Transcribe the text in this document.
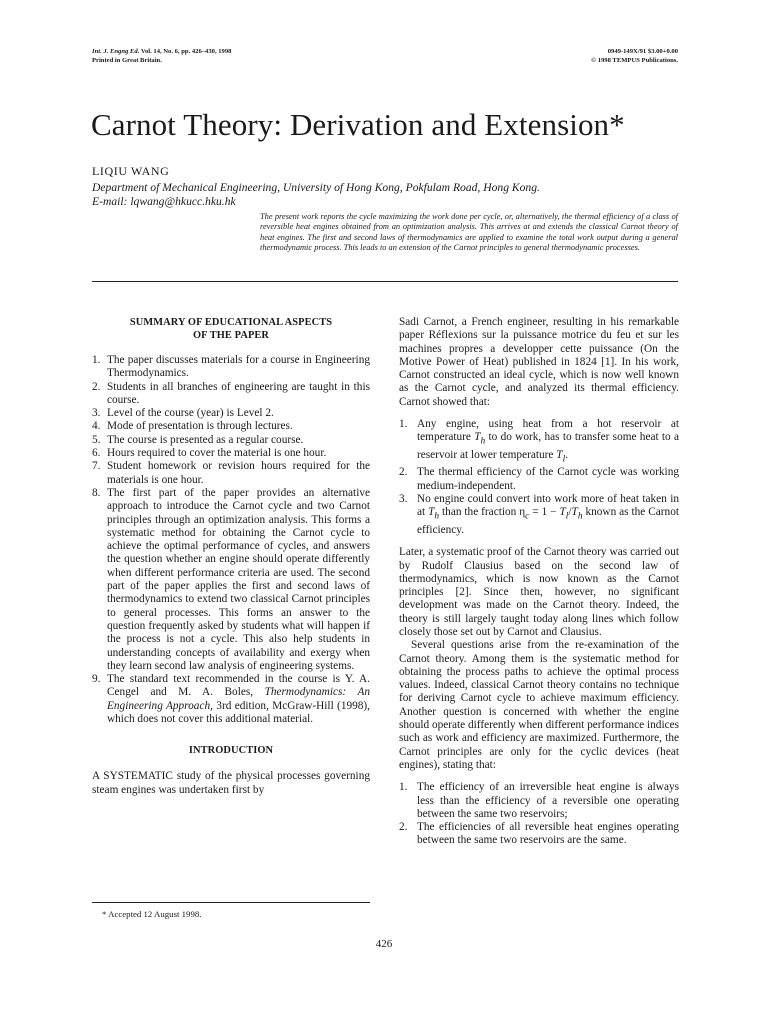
Int. J. Engng Ed. Vol. 14, No. 6, pp. 426–430, 1998
Printed in Great Britain.
0949-149X/91 $3.00+0.00
© 1998 TEMPUS Publications.
Carnot Theory: Derivation and Extension*
LIQIU WANG
Department of Mechanical Engineering, University of Hong Kong, Pokfulam Road, Hong Kong.
E-mail: lqwang@hkucc.hku.hk

The present work reports the cycle maximizing the work done per cycle, or, alternatively, the thermal efficiency of a class of reversible heat engines obtained from an optimization analysis. This arrives at and extends the classical Carnot theory of heat engines. The first and second laws of thermodynamics are applied to examine the total work output during a general thermodynamic process. This leads to an extension of the Carnot principles to general thermodynamic processes.

SUMMARY OF EDUCATIONAL ASPECTS OF THE PAPER
1. The paper discusses materials for a course in Engineering Thermodynamics.
2. Students in all branches of engineering are taught in this course.
3. Level of the course (year) is Level 2.
4. Mode of presentation is through lectures.
5. The course is presented as a regular course.
6. Hours required to cover the material is one hour.
7. Student homework or revision hours required for the materials is one hour.
8. The first part of the paper provides an alternative approach to introduce the Carnot cycle and two Carnot principles through an optimization analysis. This forms a systematic method for obtaining the Carnot cycle to achieve the optimal performance of cycles, and answers the question whether an engine should operate differently when different performance criteria are used. The second part of the paper applies the first and second laws of thermodynamics to extend two classical Carnot principles to general processes. This forms an answer to the question frequently asked by students what will happen if the process is not a cycle. This also help students in understanding concepts of availability and exergy when they learn second law analysis of engineering systems.
9. The standard text recommended in the course is Y. A. Cengel and M. A. Boles, Thermodynamics: An Engineering Approach, 3rd edition, McGraw-Hill (1998), which does not cover this additional material.
INTRODUCTION

A SYSTEMATIC study of the physical processes governing steam engines was undertaken first by

* Accepted 12 August 1998.

Sadi Carnot, a French engineer, resulting in his remarkable paper Réflexions sur la puissance motrice du feu et sur les machines propres a developper cette puissance (On the Motive Power of Heat) published in 1824 [1]. In his work, Carnot constructed an ideal cycle, which is now well known as the Carnot cycle, and analyzed its thermal efficiency. Carnot showed that:

1. Any engine, using heat from a hot reservoir at temperature $T_h$ to do work, has to transfer some heat to a reservoir at lower temperature $T_l$.
2. The thermal efficiency of the Carnot cycle was working medium-independent.
3. No engine could convert into work more of heat taken in at $T_h$ than the fraction $\eta_c = 1 - T_l/T_h$ known as the Carnot efficiency.

Later, a systematic proof of the Carnot theory was carried out by Rudolf Clausius based on the second law of thermodynamics, which is now known as the Carnot principles [2]. Since then, however, no significant development was made on the Carnot theory. Indeed, the theory is still largely taught today along lines which follow closely those set out by Carnot and Clausius.

Several questions arise from the re-examination of the Carnot theory. Among them is the systematic method for obtaining the process paths to achieve the optimal process values. Indeed, classical Carnot theory contains no technique for deriving Carnot cycle to achieve maximum efficiency. Another question is concerned with whether the engine should operate differently when different performance indices such as work and efficiency are maximized. Furthermore, the Carnot principles are only for the cyclic devices (heat engines), stating that:

1. The efficiency of an irreversible heat engine is always less than the efficiency of a reversible one operating between the same two reservoirs;
2. The efficiencies of all reversible heat engines operating between the same two reservoirs are the same.
426
